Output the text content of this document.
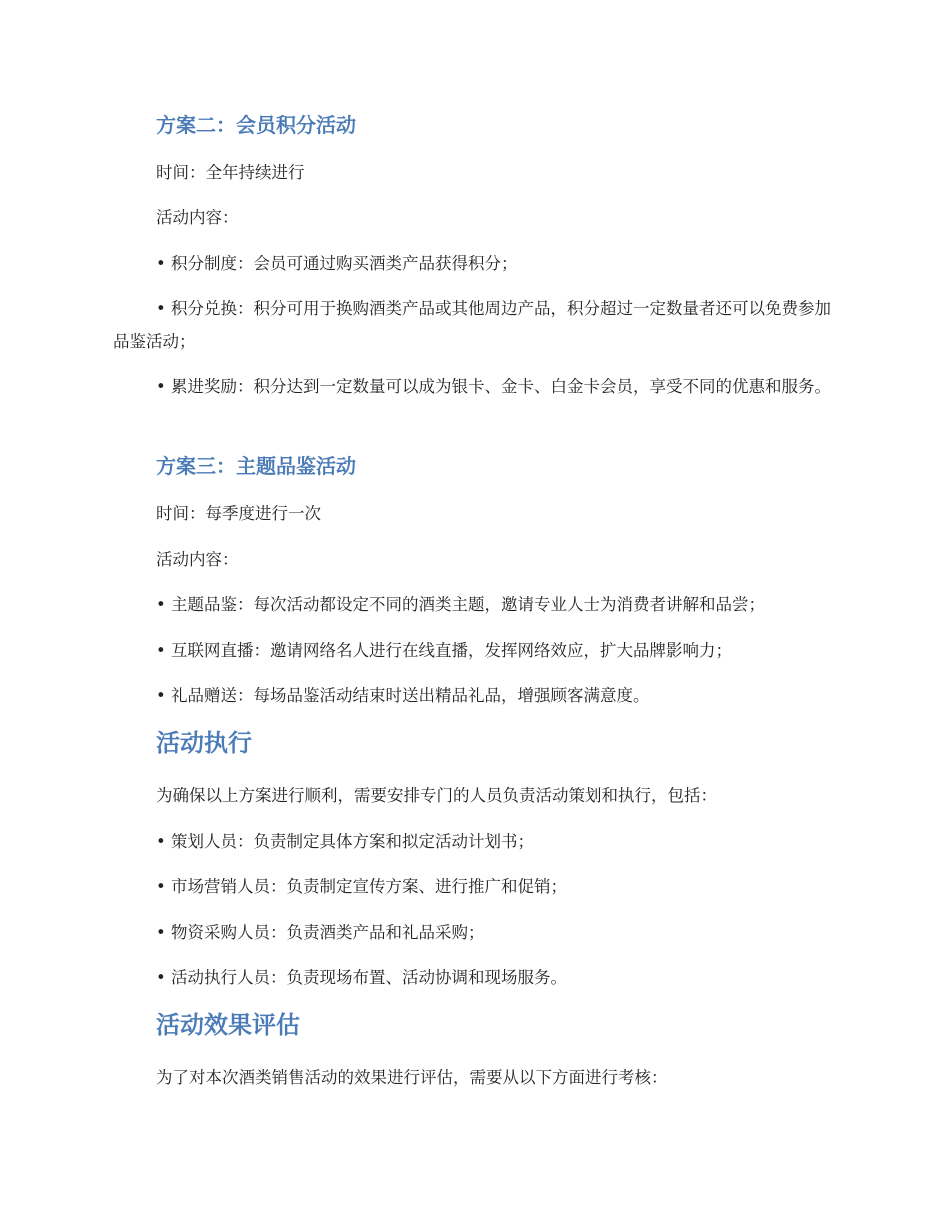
方案二：会员积分活动
时间：全年持续进行
活动内容：
• 积分制度：会员可通过购买酒类产品获得积分；
• 积分兑换：积分可用于换购酒类产品或其他周边产品，积分超过一定数量者还可以免费参加品鉴活动；
• 累进奖励：积分达到一定数量可以成为银卡、金卡、白金卡会员，享受不同的优惠和服务。
方案三：主题品鉴活动
时间：每季度进行一次
活动内容：
• 主题品鉴：每次活动都设定不同的酒类主题，邀请专业人士为消费者讲解和品尝；
• 互联网直播：邀请网络名人进行在线直播，发挥网络效应，扩大品牌影响力；
• 礼品赠送：每场品鉴活动结束时送出精品礼品，增强顾客满意度。
活动执行
为确保以上方案进行顺利，需要安排专门的人员负责活动策划和执行，包括：
• 策划人员：负责制定具体方案和拟定活动计划书；
• 市场营销人员：负责制定宣传方案、进行推广和促销；
• 物资采购人员：负责酒类产品和礼品采购；
• 活动执行人员：负责现场布置、活动协调和现场服务。
活动效果评估
为了对本次酒类销售活动的效果进行评估，需要从以下方面进行考核：
